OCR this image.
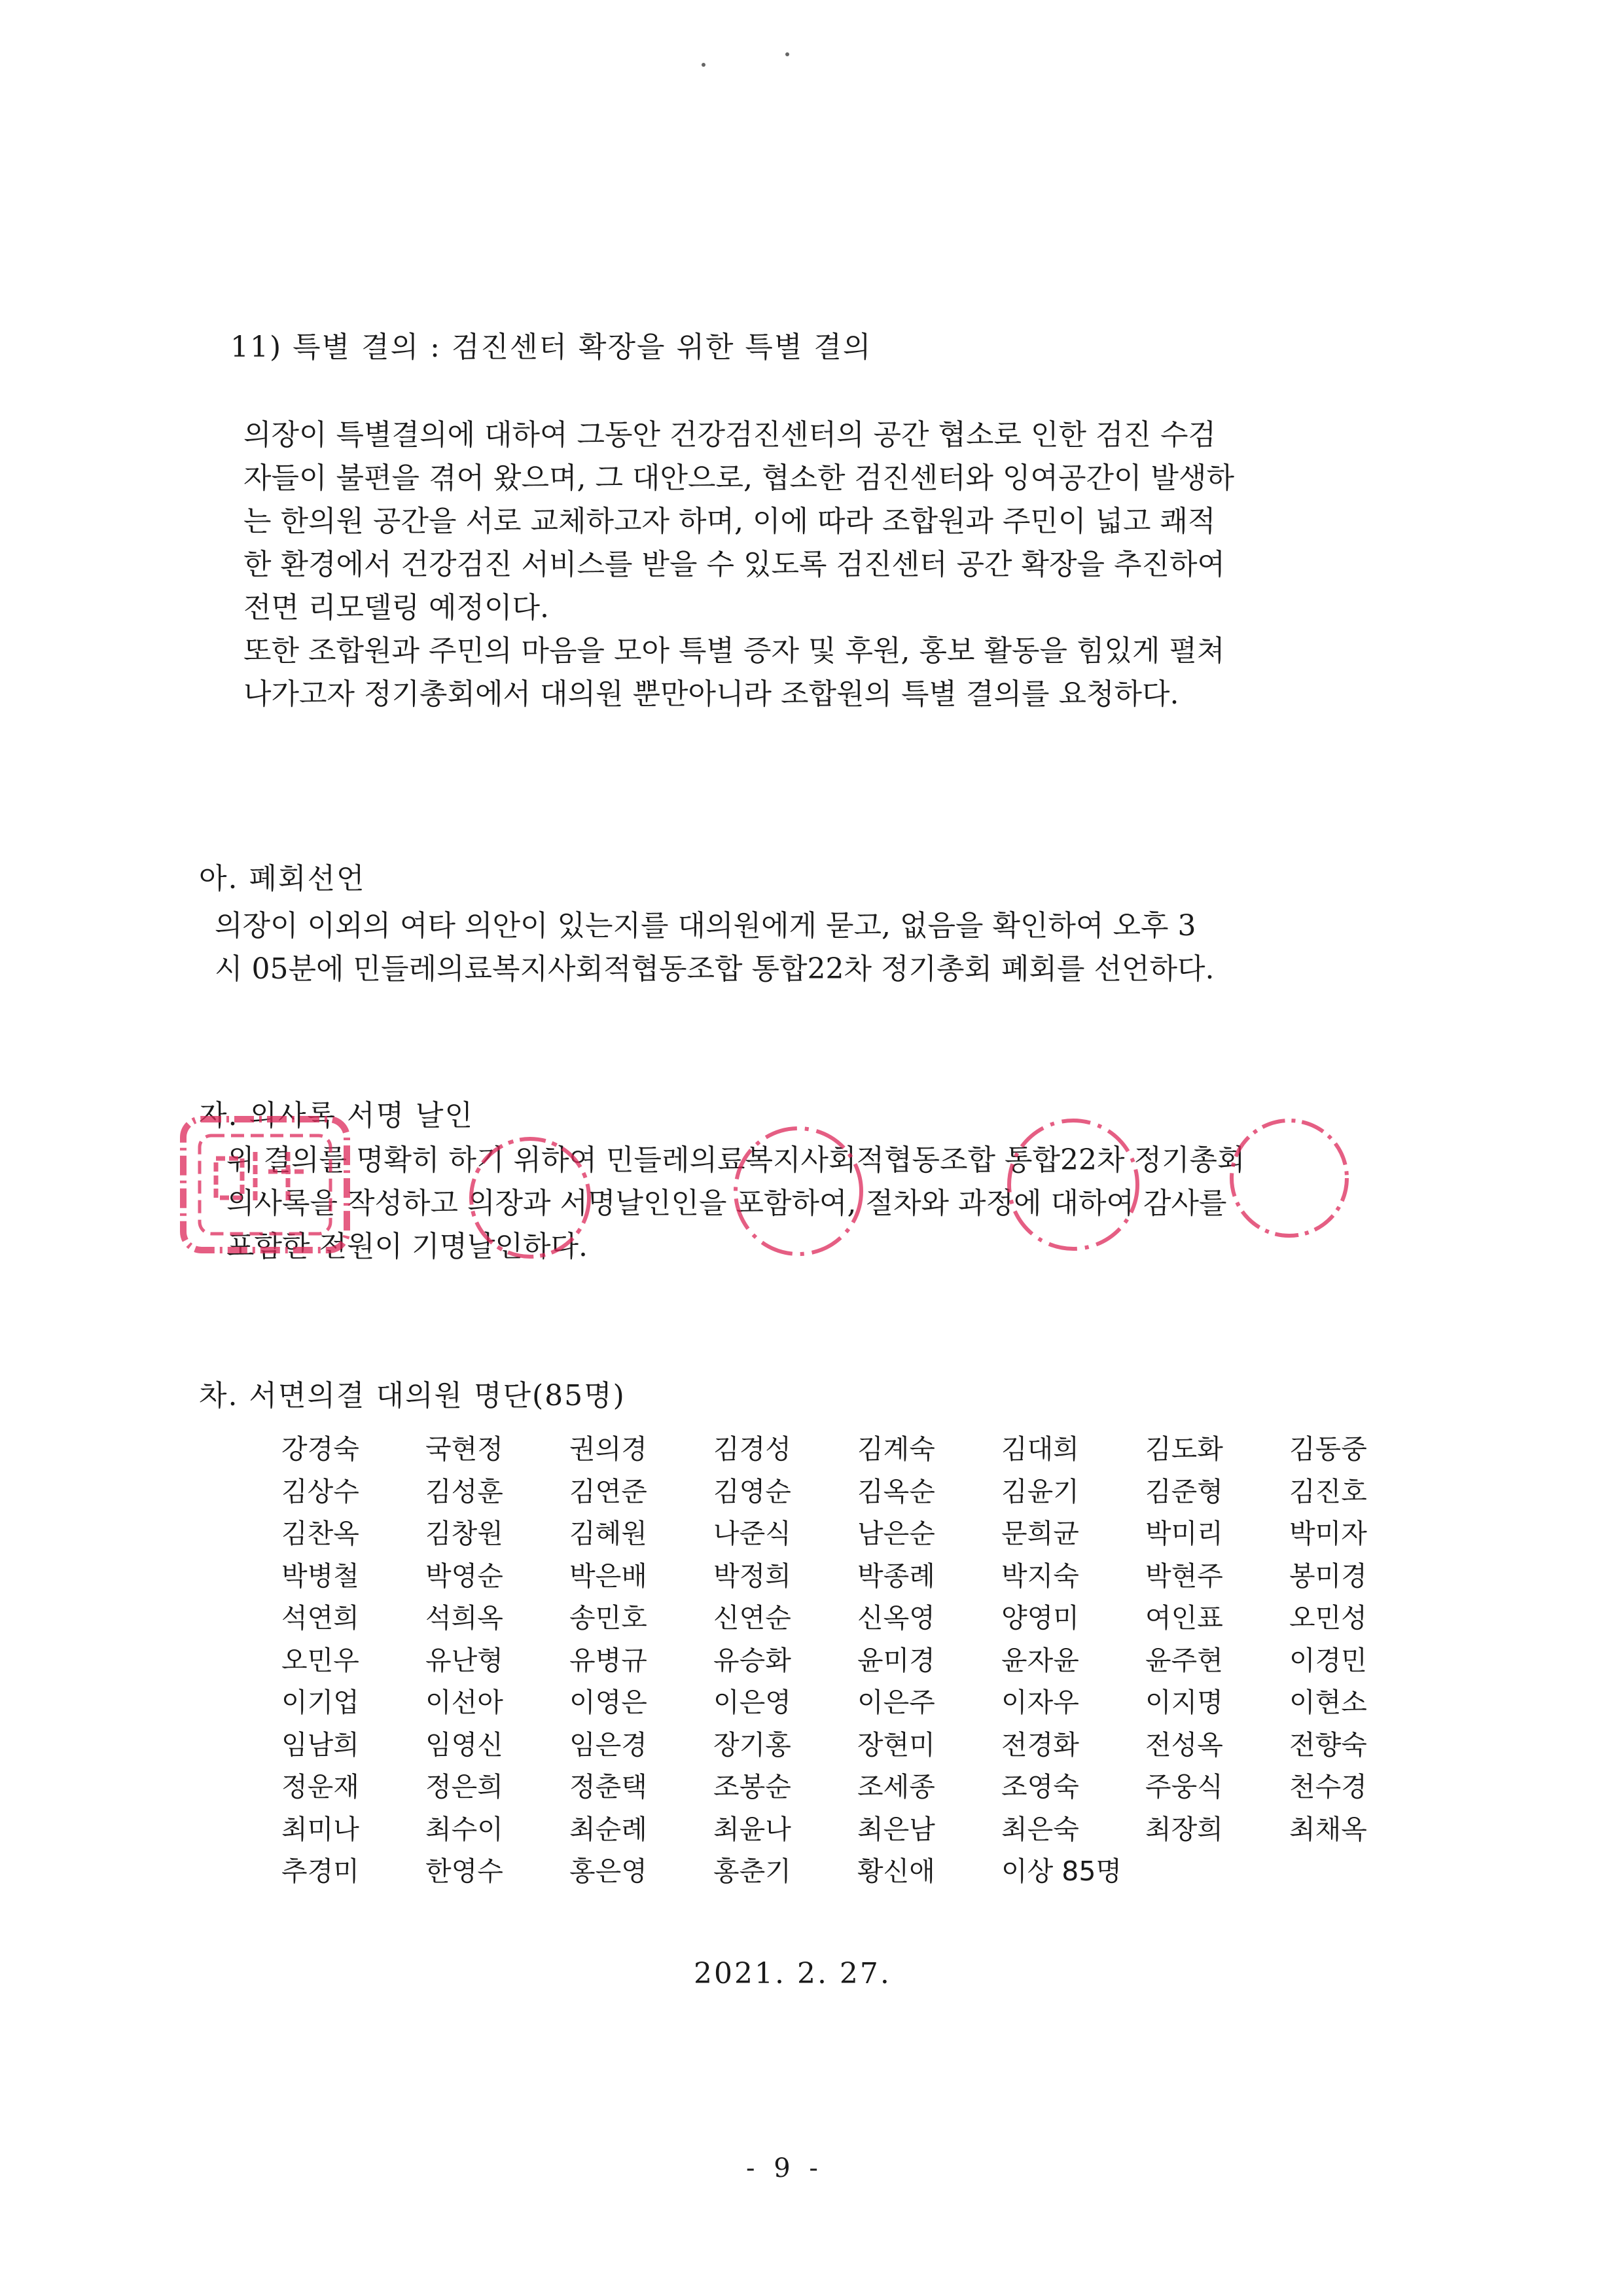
11) 특별 결의 : 검진센터 확장을 위한 특별 결의
의장이 특별결의에 대하여 그동안 건강검진센터의 공간 협소로 인한 검진 수검
자들이 불편을 겪어 왔으며, 그 대안으로, 협소한 검진센터와 잉여공간이 발생하
는 한의원 공간을 서로 교체하고자 하며, 이에 따라 조합원과 주민이 넓고 쾌적
한 환경에서 건강검진 서비스를 받을 수 있도록 검진센터 공간 확장을 추진하여
전면 리모델링 예정이다.
또한 조합원과 주민의 마음을 모아 특별 증자 및 후원, 홍보 활동을 힘있게 펼쳐
나가고자 정기총회에서 대의원 뿐만아니라 조합원의 특별 결의를 요청하다.
아. 폐회선언
의장이 이외의 여타 의안이 있는지를 대의원에게 묻고, 없음을 확인하여 오후 3
시 05분에 민들레의료복지사회적협동조합 통합22차 정기총회 폐회를 선언하다.
자. 의사록 서명 날인
위 결의를 명확히 하기 위하여 민들레의료복지사회적협동조합 통합22차 정기총회
의사록을 작성하고 의장과 서명날인인을 포함하여, 절차와 과정에 대하여 감사를
포함한 전원이 기명날인하다.
차. 서면의결 대의원 명단(85명)
강경숙	국현정	권의경	김경성	김계숙	김대희	김도화	김동중
김상수	김성훈	김연준	김영순	김옥순	김윤기	김준형	김진호
김찬옥	김창원	김혜원	나준식	남은순	문희균	박미리	박미자
박병철	박영순	박은배	박정희	박종례	박지숙	박현주	봉미경
석연희	석희옥	송민호	신연순	신옥영	양영미	여인표	오민성
오민우	유난형	유병규	유승화	윤미경	윤자윤	윤주현	이경민
이기업	이선아	이영은	이은영	이은주	이자우	이지명	이현소
임남희	임영신	임은경	장기홍	장현미	전경화	전성옥	전향숙
정운재	정은희	정춘택	조봉순	조세종	조영숙	주웅식	천수경
최미나	최수이	최순례	최윤나	최은남	최은숙	최장희	최채옥
추경미	한영수	홍은영	홍춘기	황신애	이상 85명
2021. 2. 27.
- 9 -
